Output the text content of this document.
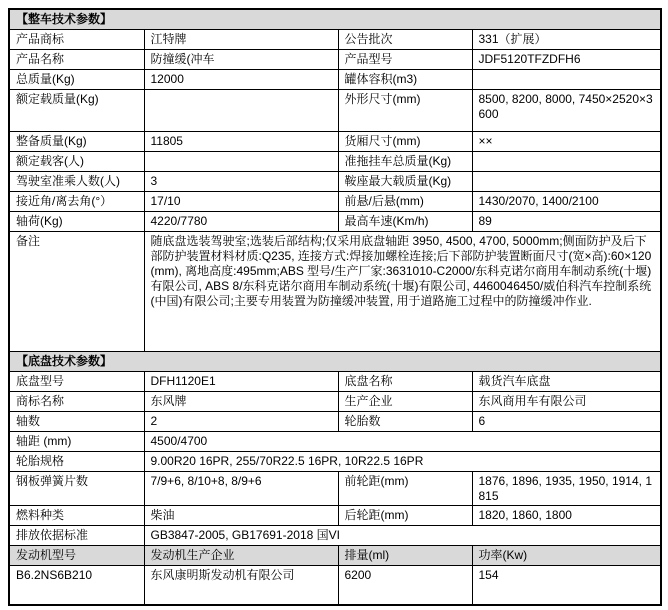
【整车技术参数】			
产品商标	江特牌	公告批次	331（扩展）
产品名称	防撞缓(冲车	产品型号	JDF5120TFZDFH6
总质量(Kg)	12000	罐体容积(m3)	
额定载质量(Kg)		外形尺寸(mm)	8500, 8200, 8000, 7450×2520×3600
整备质量(Kg)	11805	货厢尺寸(mm)	××
额定载客(人)		准拖挂车总质量(Kg)	
驾驶室准乘人数(人)	3	鞍座最大载质量(Kg)	
接近角/离去角(°）	17/10	前悬/后悬(mm)	1430/2070, 1400/2100
轴荷(Kg)	4220/7780	最高车速(Km/h)	89
备注	随底盘选装驾驶室;选装后部结构;仅采用底盘轴距 3950, 4500, 4700, 5000mm;侧面防护及后下部防护装置材料材质:Q235, 连接方式:焊接加螺栓连接;后下部防护装置断面尺寸(宽×高):60×120(mm), 离地高度:495mm;ABS 型号/生产厂家:3631010-C2000/东科克诺尔商用车制动系统(十堰)有限公司, ABS 8/东科克诺尔商用车制动系统(十堰)有限公司, 4460046450/威伯科汽车控制系统(中国)有限公司;主要专用装置为防撞缓冲装置, 用于道路施工过程中的防撞缓冲作业.		
【底盘技术参数】			
底盘型号	DFH1120E1	底盘名称	载货汽车底盘
商标名称	东风牌	生产企业	东风商用车有限公司
轴数	2	轮胎数	6
轴距 (mm)	4500/4700		
轮胎规格	9.00R20 16PR, 255/70R22.5 16PR, 10R22.5 16PR		
钢板弹簧片数	7/9+6, 8/10+8, 8/9+6	前轮距(mm)	1876, 1896, 1935, 1950, 1914, 1815
燃料种类	柴油	后轮距(mm)	1820, 1860, 1800
排放依据标准	GB3847-2005, GB17691-2018 国VI		
发动机型号	发动机生产企业	排量(ml)	功率(Kw)
B6.2NS6B210	东风康明斯发动机有限公司	6200	154
